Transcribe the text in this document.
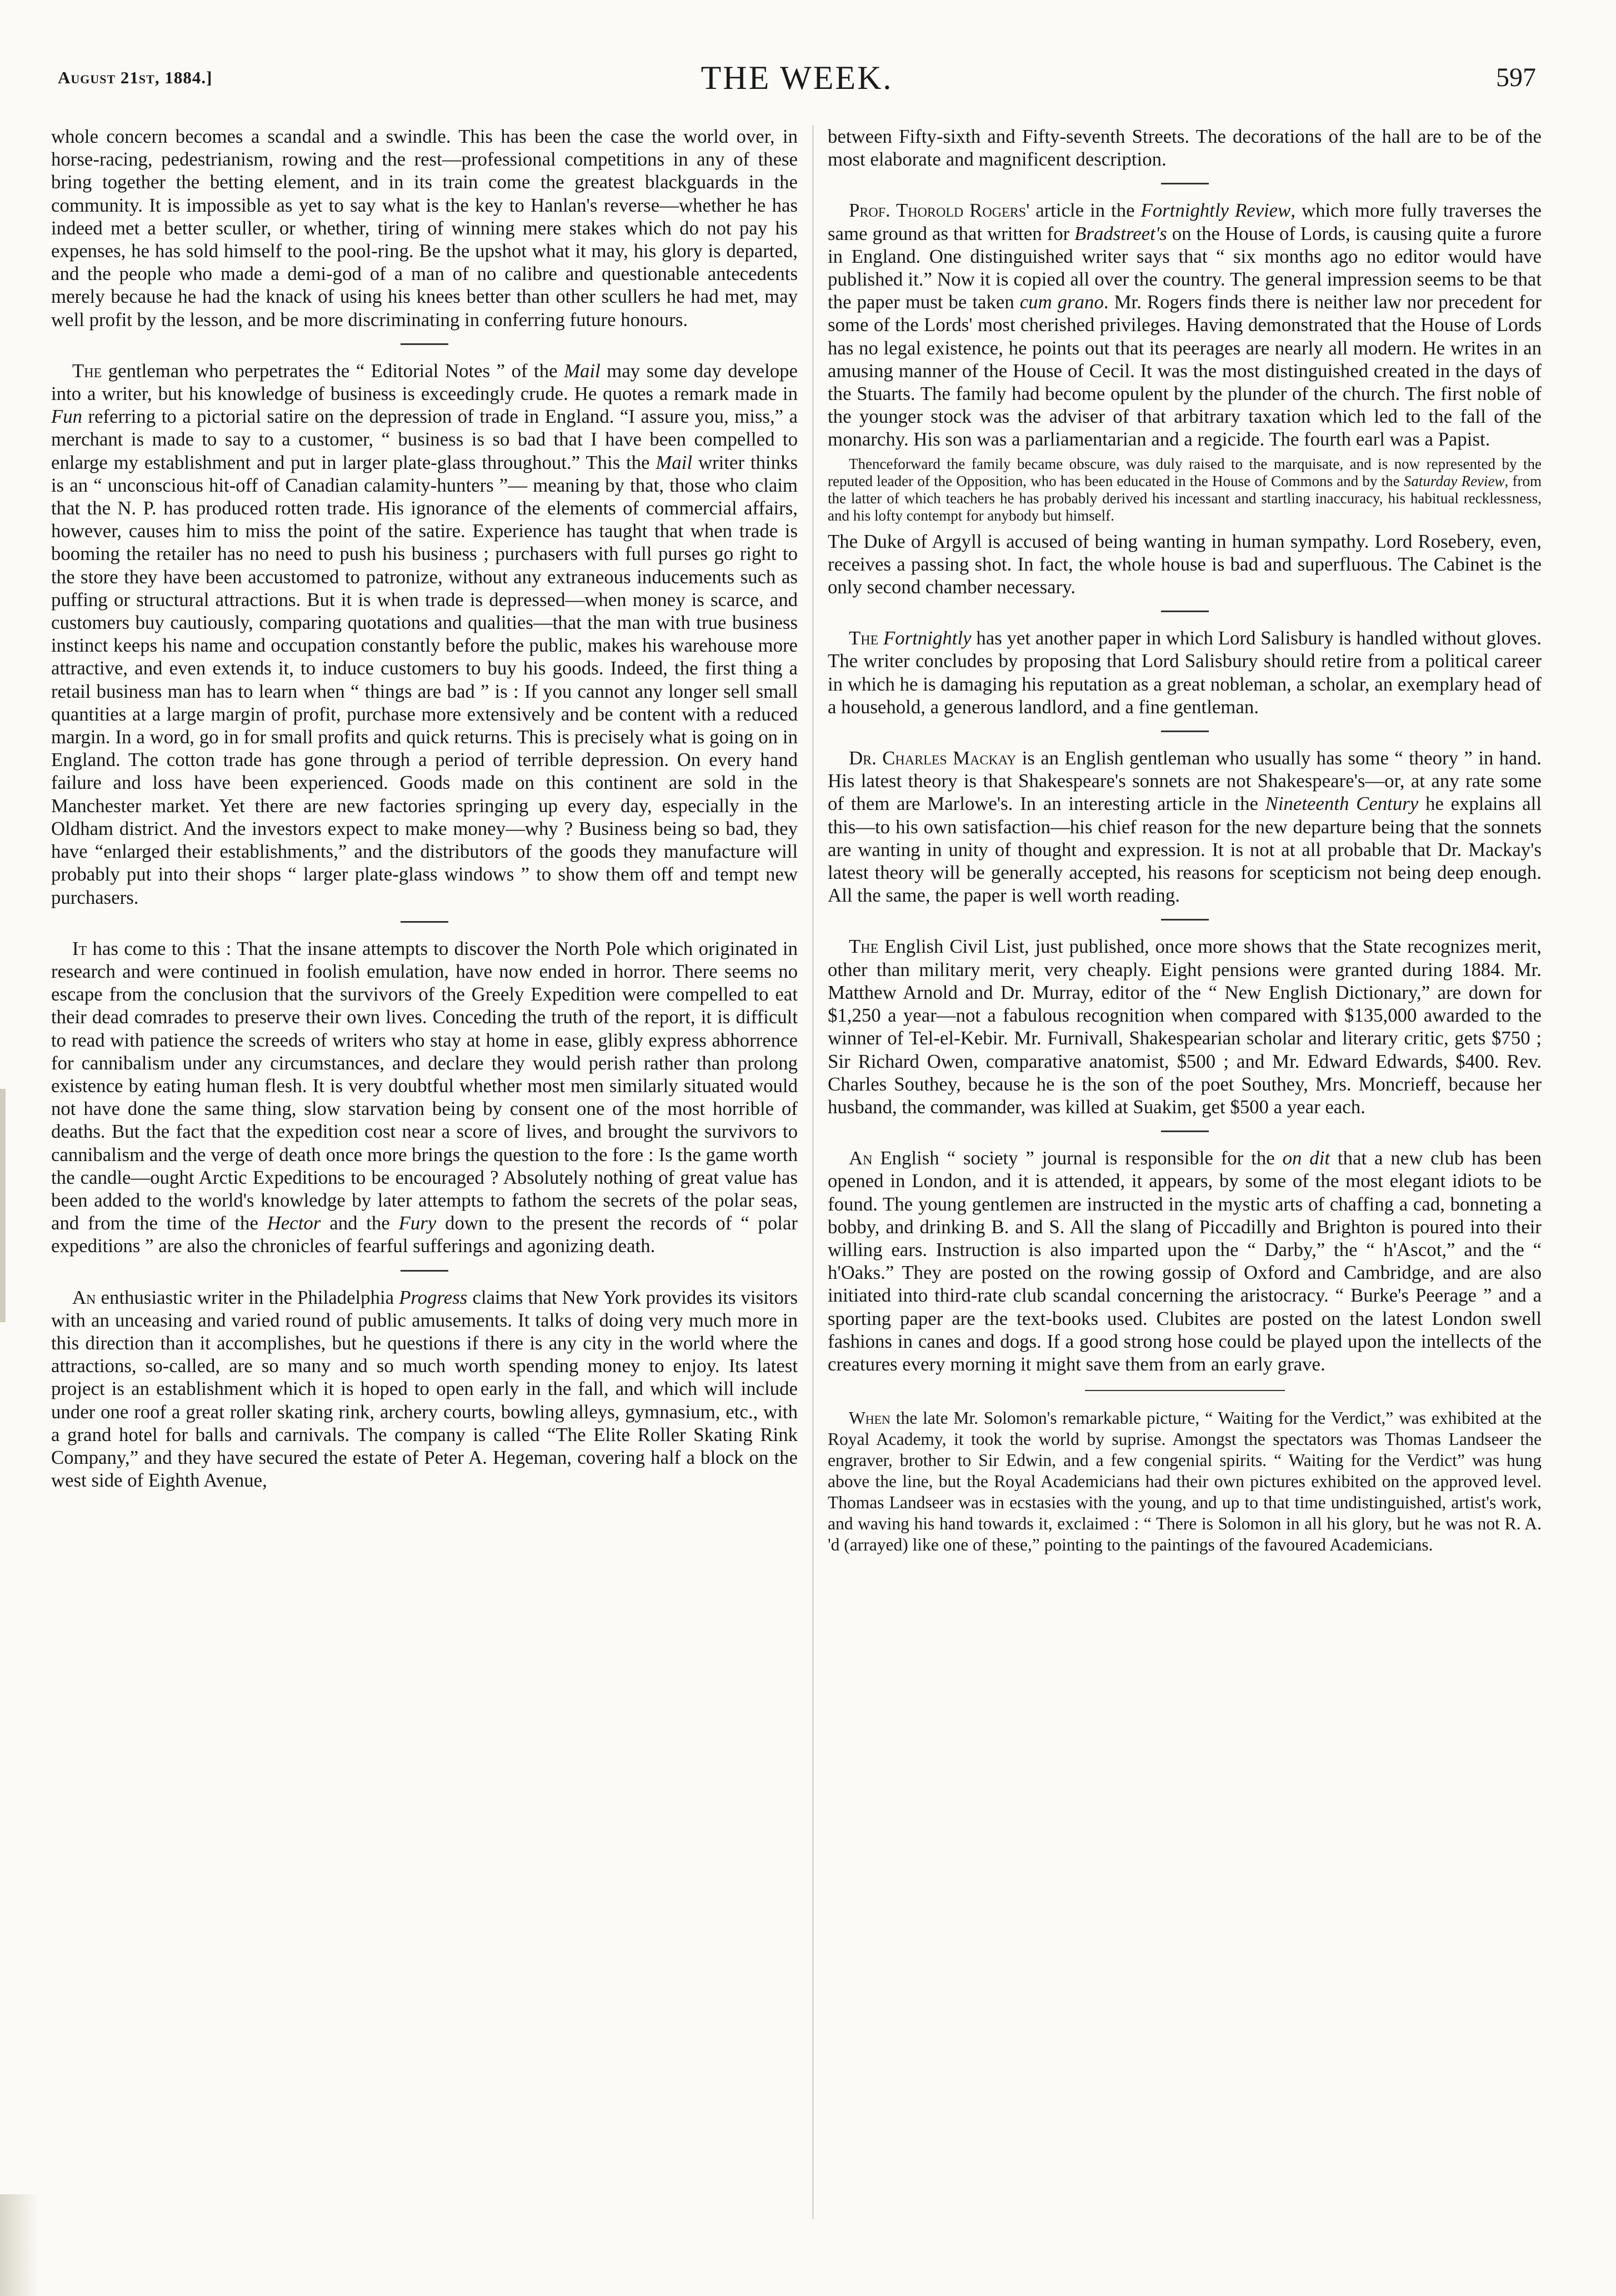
August 21st, 1884.]	THE WEEK.	597

whole concern becomes a scandal and a swindle. This has been the case the world over, in horse-racing, pedestrianism, rowing and the rest—professional competitions in any of these bring together the betting element, and in its train come the greatest blackguards in the community. It is impossible as yet to say what is the key to Hanlan's reverse—whether he has indeed met a better sculler, or whether, tiring of winning mere stakes which do not pay his expenses, he has sold himself to the pool-ring. Be the upshot what it may, his glory is departed, and the people who made a demi-god of a man of no calibre and questionable antecedents merely because he had the knack of using his knees better than other scullers he had met, may well profit by the lesson, and be more discriminating in conferring future honours.

The gentleman who perpetrates the “ Editorial Notes ” of the Mail may some day develope into a writer, but his knowledge of business is exceedingly crude. He quotes a remark made in Fun referring to a pictorial satire on the depression of trade in England. “I assure you, miss,” a merchant is made to say to a customer, “ business is so bad that I have been compelled to enlarge my establishment and put in larger plate-glass throughout.” This the Mail writer thinks is an “ unconscious hit-off of Canadian calamity-hunters ”— meaning by that, those who claim that the N. P. has produced rotten trade. His ignorance of the elements of commercial affairs, however, causes him to miss the point of the satire. Experience has taught that when trade is booming the retailer has no need to push his business ; purchasers with full purses go right to the store they have been accustomed to patronize, without any extraneous inducements such as puffing or structural attractions. But it is when trade is depressed—when money is scarce, and customers buy cautiously, comparing quotations and qualities—that the man with true business instinct keeps his name and occupation constantly before the public, makes his warehouse more attractive, and even extends it, to induce customers to buy his goods. Indeed, the first thing a retail business man has to learn when “ things are bad ” is : If you cannot any longer sell small quantities at a large margin of profit, purchase more extensively and be content with a reduced margin. In a word, go in for small profits and quick returns. This is precisely what is going on in England. The cotton trade has gone through a period of terrible depression. On every hand failure and loss have been experienced. Goods made on this continent are sold in the Manchester market. Yet there are new factories springing up every day, especially in the Oldham district. And the investors expect to make money—why ? Business being so bad, they have “enlarged their establishments,” and the distributors of the goods they manufacture will probably put into their shops “ larger plate-glass windows ” to show them off and tempt new purchasers.

It has come to this : That the insane attempts to discover the North Pole which originated in research and were continued in foolish emulation, have now ended in horror. There seems no escape from the conclusion that the survivors of the Greely Expedition were compelled to eat their dead comrades to preserve their own lives. Conceding the truth of the report, it is difficult to read with patience the screeds of writers who stay at home in ease, glibly express abhorrence for cannibalism under any circumstances, and declare they would perish rather than prolong existence by eating human flesh. It is very doubtful whether most men similarly situated would not have done the same thing, slow starvation being by consent one of the most horrible of deaths. But the fact that the expedition cost near a score of lives, and brought the survivors to cannibalism and the verge of death once more brings the question to the fore : Is the game worth the candle—ought Arctic Expeditions to be encouraged ? Absolutely nothing of great value has been added to the world's knowledge by later attempts to fathom the secrets of the polar seas, and from the time of the Hector and the Fury down to the present the records of “ polar expeditions ” are also the chronicles of fearful sufferings and agonizing death.

An enthusiastic writer in the Philadelphia Progress claims that New York provides its visitors with an unceasing and varied round of public amusements. It talks of doing very much more in this direction than it accomplishes, but he questions if there is any city in the world where the attractions, so-called, are so many and so much worth spending money to enjoy. Its latest project is an establishment which it is hoped to open early in the fall, and which will include under one roof a great roller skating rink, archery courts, bowling alleys, gymnasium, etc., with a grand hotel for balls and carnivals. The company is called “The Elite Roller Skating Rink Company,” and they have secured the estate of Peter A. Hegeman, covering half a block on the west side of Eighth Avenue,

between Fifty-sixth and Fifty-seventh Streets. The decorations of the hall are to be of the most elaborate and magnificent description.

Prof. Thorold Rogers' article in the Fortnightly Review, which more fully traverses the same ground as that written for Bradstreet's on the House of Lords, is causing quite a furore in England. One distinguished writer says that “ six months ago no editor would have published it.” Now it is copied all over the country. The general impression seems to be that the paper must be taken cum grano. Mr. Rogers finds there is neither law nor precedent for some of the Lords' most cherished privileges. Having demonstrated that the House of Lords has no legal existence, he points out that its peerages are nearly all modern. He writes in an amusing manner of the House of Cecil. It was the most distinguished created in the days of the Stuarts. The family had become opulent by the plunder of the church. The first noble of the younger stock was the adviser of that arbitrary taxation which led to the fall of the monarchy. His son was a parliamentarian and a regicide. The fourth earl was a Papist.

Thenceforward the family became obscure, was duly raised to the marquisate, and is now represented by the reputed leader of the Opposition, who has been educated in the House of Commons and by the Saturday Review, from the latter of which teachers he has probably derived his incessant and startling inaccuracy, his habitual recklessness, and his lofty contempt for anybody but himself.

The Duke of Argyll is accused of being wanting in human sympathy. Lord Rosebery, even, receives a passing shot. In fact, the whole house is bad and superfluous. The Cabinet is the only second chamber necessary.

The Fortnightly has yet another paper in which Lord Salisbury is handled without gloves. The writer concludes by proposing that Lord Salisbury should retire from a political career in which he is damaging his reputation as a great nobleman, a scholar, an exemplary head of a household, a generous landlord, and a fine gentleman.

Dr. Charles Mackay is an English gentleman who usually has some “ theory ” in hand. His latest theory is that Shakespeare's sonnets are not Shakespeare's—or, at any rate some of them are Marlowe's. In an interesting article in the Nineteenth Century he explains all this—to his own satisfaction—his chief reason for the new departure being that the sonnets are wanting in unity of thought and expression. It is not at all probable that Dr. Mackay's latest theory will be generally accepted, his reasons for scepticism not being deep enough. All the same, the paper is well worth reading.

The English Civil List, just published, once more shows that the State recognizes merit, other than military merit, very cheaply. Eight pensions were granted during 1884. Mr. Matthew Arnold and Dr. Murray, editor of the “ New English Dictionary,” are down for $1,250 a year—not a fabulous recognition when compared with $135,000 awarded to the winner of Tel-el-Kebir. Mr. Furnivall, Shakespearian scholar and literary critic, gets $750 ; Sir Richard Owen, comparative anatomist, $500 ; and Mr. Edward Edwards, $400. Rev. Charles Southey, because he is the son of the poet Southey, Mrs. Moncrieff, because her husband, the commander, was killed at Suakim, get $500 a year each.

An English “ society ” journal is responsible for the on dit that a new club has been opened in London, and it is attended, it appears, by some of the most elegant idiots to be found. The young gentlemen are instructed in the mystic arts of chaffing a cad, bonneting a bobby, and drinking B. and S. All the slang of Piccadilly and Brighton is poured into their willing ears. Instruction is also imparted upon the “ Darby,” the “ h'Ascot,” and the “ h'Oaks.” They are posted on the rowing gossip of Oxford and Cambridge, and are also initiated into third-rate club scandal concerning the aristocracy. “ Burke's Peerage ” and a sporting paper are the text-books used. Clubites are posted on the latest London swell fashions in canes and dogs. If a good strong hose could be played upon the intellects of the creatures every morning it might save them from an early grave.

When the late Mr. Solomon's remarkable picture, “ Waiting for the Verdict,” was exhibited at the Royal Academy, it took the world by suprise. Amongst the spectators was Thomas Landseer the engraver, brother to Sir Edwin, and a few congenial spirits. “ Waiting for the Verdict” was hung above the line, but the Royal Academicians had their own pictures exhibited on the approved level. Thomas Landseer was in ecstasies with the young, and up to that time undistinguished, artist's work, and waving his hand towards it, exclaimed : “ There is Solomon in all his glory, but he was not R. A. 'd (arrayed) like one of these,” pointing to the paintings of the favoured Academicians.
